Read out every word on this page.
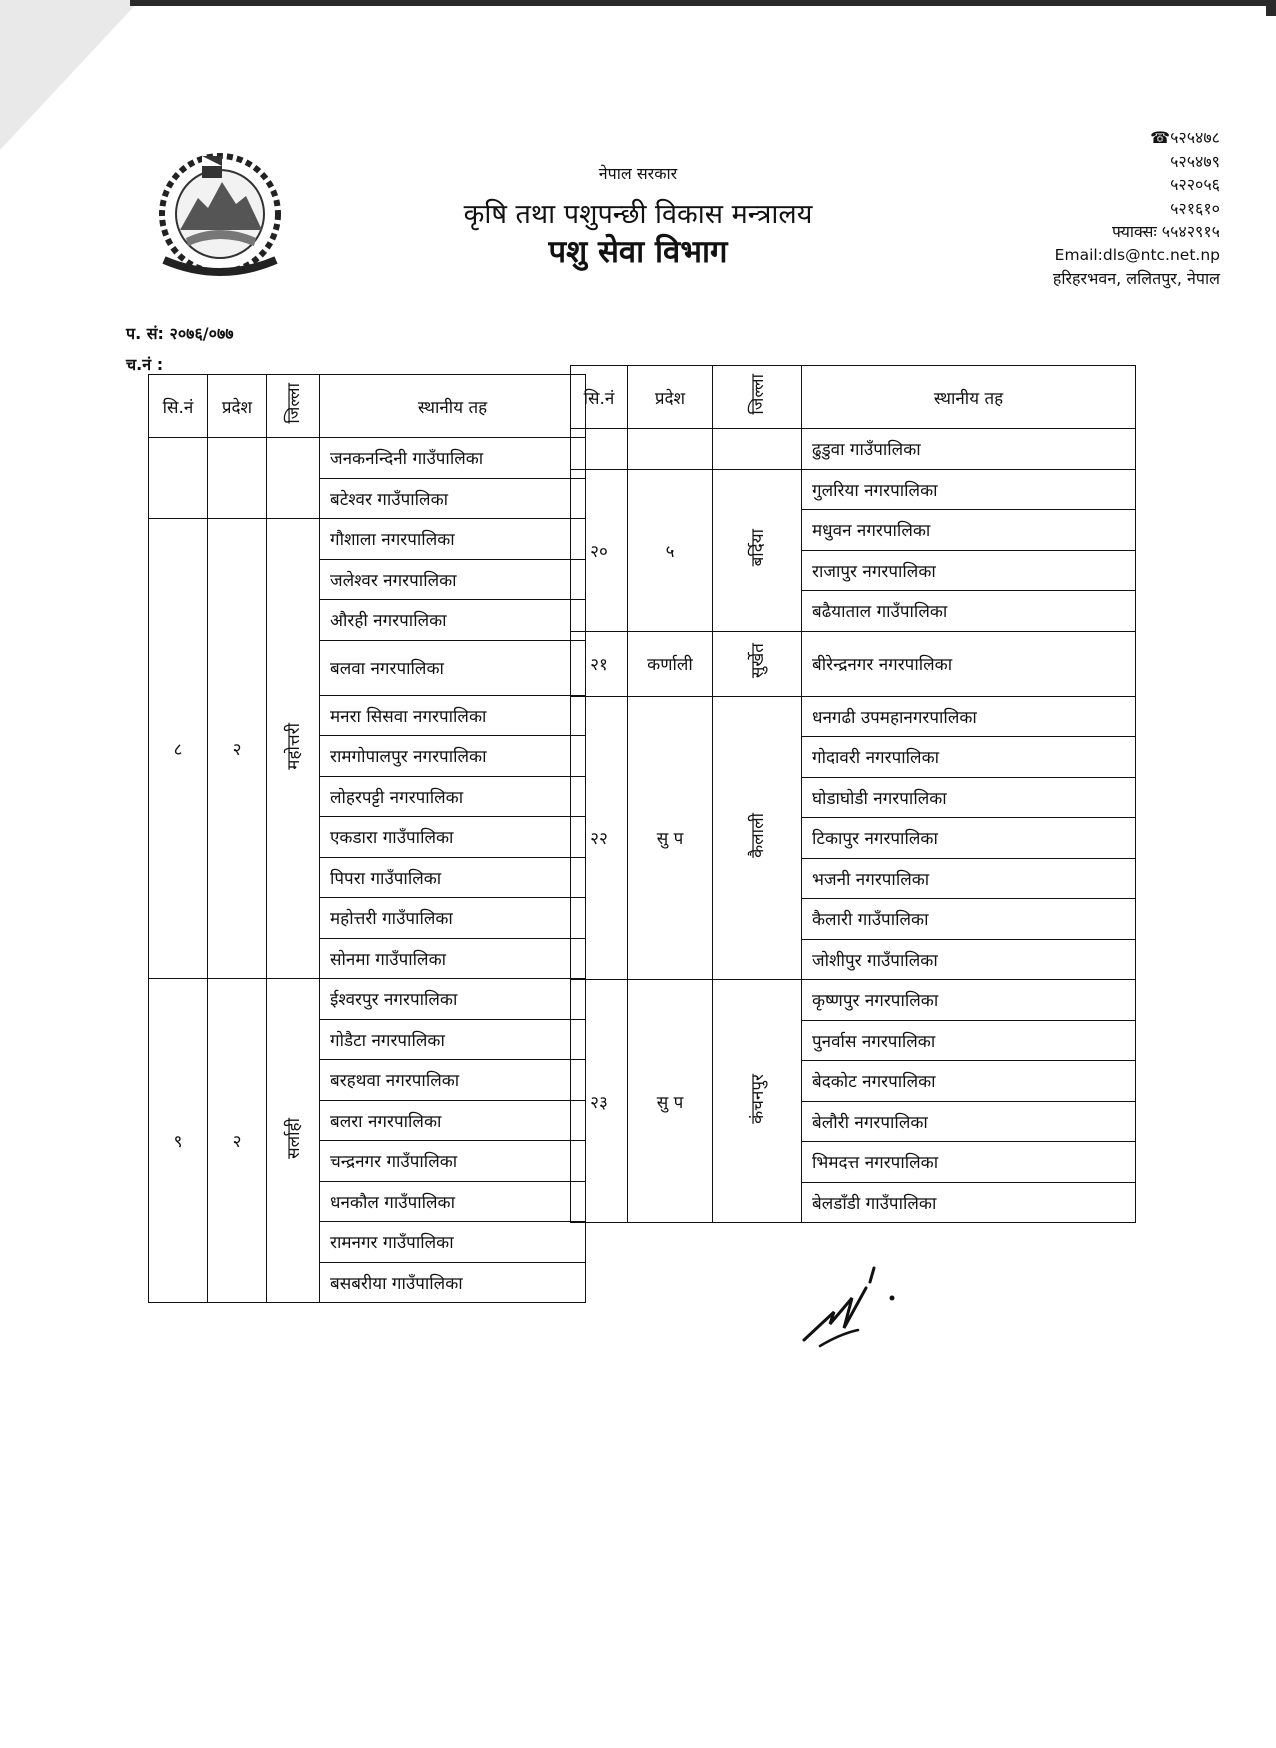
नेपाल सरकार
कृषि तथा पशुपन्छी विकास मन्त्रालय
पशु सेवा विभाग
☎५२५४७८
५२५४७९
५२२०५६
५२१६१०
फ्याक्सः ५५४२९१५
Email:dls@ntc.net.np
हरिहरभवन, ललितपुर, नेपाल
प. सं: २०७६/०७७
च.नं :
सि.नं	प्रदेश	जिल्ला	स्थानीय तह
			जनकनन्दिनी गाउँपालिका
			बटेश्वर गाउँपालिका
८	२	महोत्तरी	गौशाला नगरपालिका
			जलेश्वर नगरपालिका
			औरही नगरपालिका
			बलवा नगरपालिका
			मनरा सिसवा नगरपालिका
			रामगोपालपुर नगरपालिका
			लोहरपट्टी नगरपालिका
			एकडारा गाउँपालिका
			पिपरा गाउँपालिका
			महोत्तरी गाउँपालिका
			सोनमा गाउँपालिका
९	२	सर्लाही	ईश्वरपुर नगरपालिका
			गोडैटा नगरपालिका
			बरहथवा नगरपालिका
			बलरा नगरपालिका
			चन्द्रनगर गाउँपालिका
			धनकौल गाउँपालिका
			रामनगर गाउँपालिका
			बसबरीया गाउँपालिका
सि.नं	प्रदेश	जिल्ला	स्थानीय तह
			ढुडुवा गाउँपालिका
२०	५	बर्दिया	गुलरिया नगरपालिका
			मधुवन नगरपालिका
			राजापुर नगरपालिका
			बढैयाताल गाउँपालिका
२१	कर्णाली	सुर्खेत	बीरेन्द्रनगर नगरपालिका
२२	सु प	कैलाली	धनगढी उपमहानगरपालिका
			गोदावरी नगरपालिका
			घोडाघोडी नगरपालिका
			टिकापुर नगरपालिका
			भजनी नगरपालिका
			कैलारी गाउँपालिका
			जोशीपुर गाउँपालिका
२३	सु प	कंचनपुर	कृष्णपुर नगरपालिका
			पुनर्वास नगरपालिका
			बेदकोट नगरपालिका
			बेलौरी नगरपालिका
			भिमदत्त नगरपालिका
			बेलडाँडी गाउँपालिका
